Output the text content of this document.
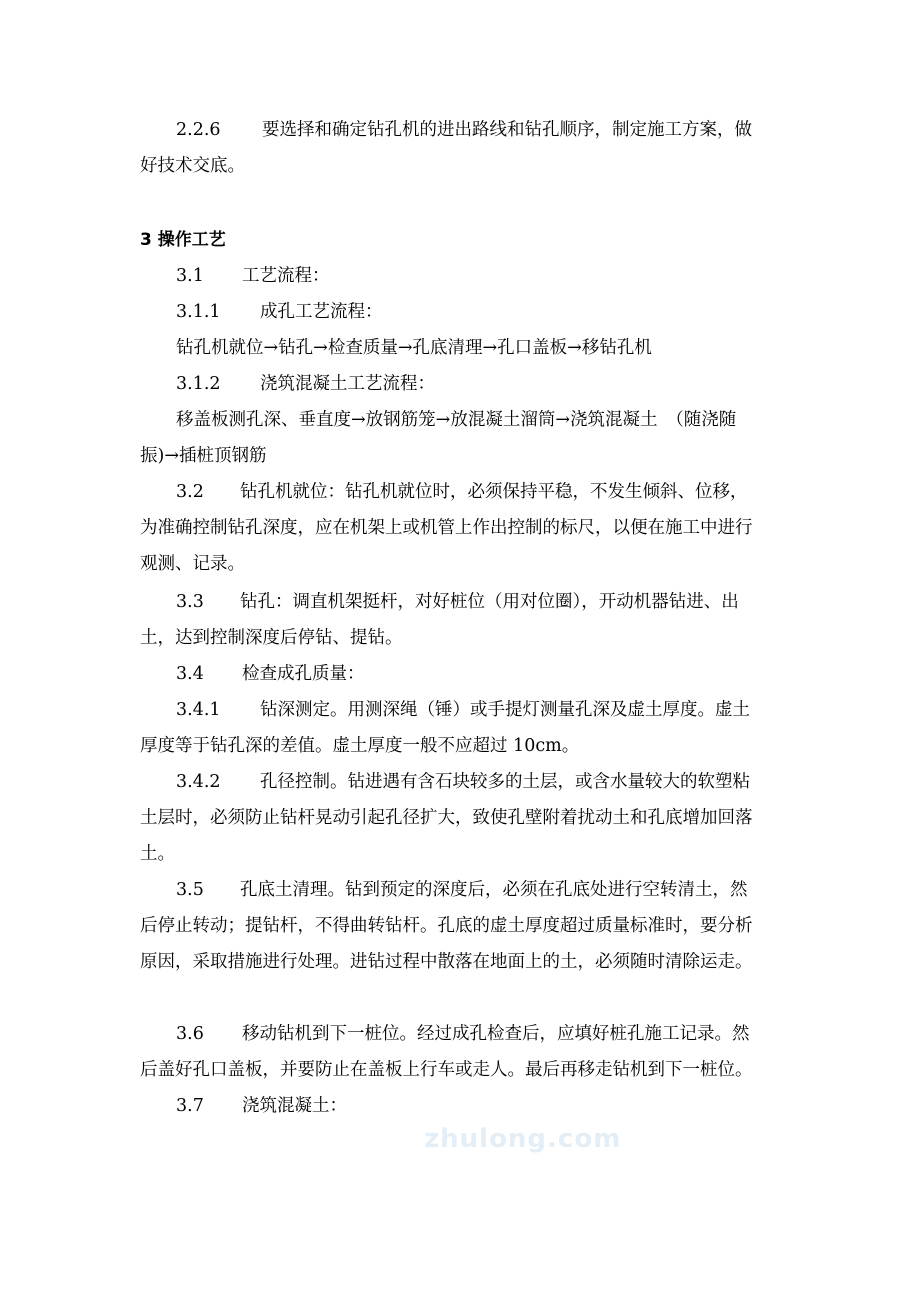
2.2.6 要选择和确定钻孔机的进出路线和钻孔顺序，制定施工方案，做
好技术交底。
3 操作工艺
3.1 工艺流程：
3.1.1 成孔工艺流程：
钻孔机就位→钻孔→检查质量→孔底清理→孔口盖板→移钻孔机
3.1.2 浇筑混凝土工艺流程：
移盖板测孔深、垂直度→放钢筋笼→放混凝土溜筒→浇筑混凝土　（随浇随
振)→插桩顶钢筋
3.2 钻孔机就位：钻孔机就位时，必须保持平稳，不发生倾斜、位移，
为准确控制钻孔深度，应在机架上或机管上作出控制的标尺，以便在施工中进行
观测、记录。
3.3 钻孔：调直机架挺杆，对好桩位（用对位圈），开动机器钻进、出
土，达到控制深度后停钻、提钻。
3.4 检查成孔质量：
3.4.1 钻深测定。用测深绳（锤）或手提灯测量孔深及虚土厚度。虚土
厚度等于钻孔深的差值。虚土厚度一般不应超过 10cm。
3.4.2 孔径控制。钻进遇有含石块较多的土层，或含水量较大的软塑粘
土层时，必须防止钻杆晃动引起孔径扩大，致使孔壁附着扰动土和孔底增加回落
土。
3.5 孔底土清理。钻到预定的深度后，必须在孔底处进行空转清土，然
后停止转动；提钻杆，不得曲转钻杆。孔底的虚土厚度超过质量标准时，要分析
原因，采取措施进行处理。进钻过程中散落在地面上的土，必须随时清除运走。
3.6 移动钻机到下一桩位。经过成孔检查后，应填好桩孔施工记录。然
后盖好孔口盖板，并要防止在盖板上行车或走人。最后再移走钻机到下一桩位。
3.7 浇筑混凝土：
zhulong.com
